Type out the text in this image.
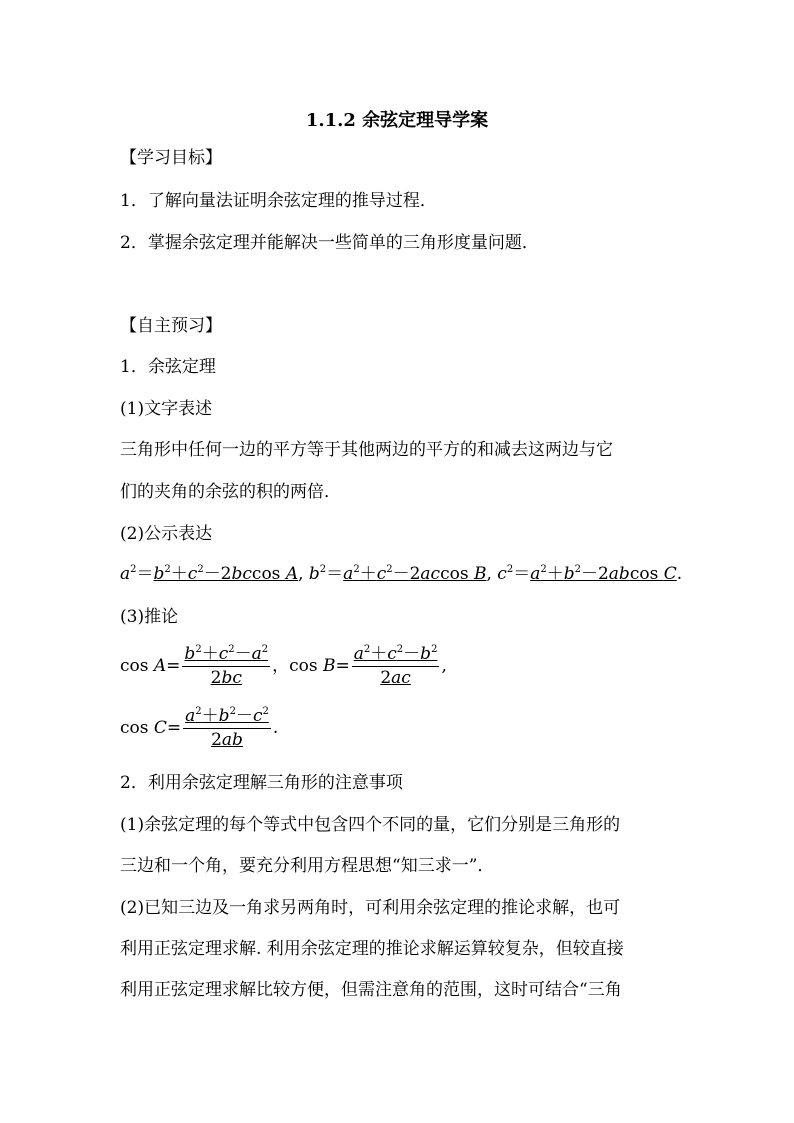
1.1.2 余弦定理导学案
【学习目标】
1．了解向量法证明余弦定理的推导过程．
2．掌握余弦定理并能解决一些简单的三角形度量问题．
【自主预习】
1．余弦定理
(1)文字表述
三角形中任何一边的平方等于其他两边的平方的和减去这两边与它
们的夹角的余弦的积的两倍．
(2)公示表达
$a^2=b^2+c^2-2bccos$ A, $b^2=a^2+c^2-2accos$ B, $c^2=a^2+b^2-2abcos$ C.
(3)推论
$\cos A= \frac{b^2+c^2-a^2}{2bc}$ ，$\cos B= \frac{a^2+c^2-b^2}{2ac}$ ,
$\cos C= \frac{a^2+b^2-c^2}{2ab}$ .
2．利用余弦定理解三角形的注意事项
(1)余弦定理的每个等式中包含四个不同的量，它们分别是三角形的
三边和一个角，要充分利用方程思想“知三求一”．
(2)已知三边及一角求另两角时，可利用余弦定理的推论求解，也可
利用正弦定理求解. 利用余弦定理的推论求解运算较复杂，但较直接
利用正弦定理求解比较方便，但需注意角的范围，这时可结合“三角
